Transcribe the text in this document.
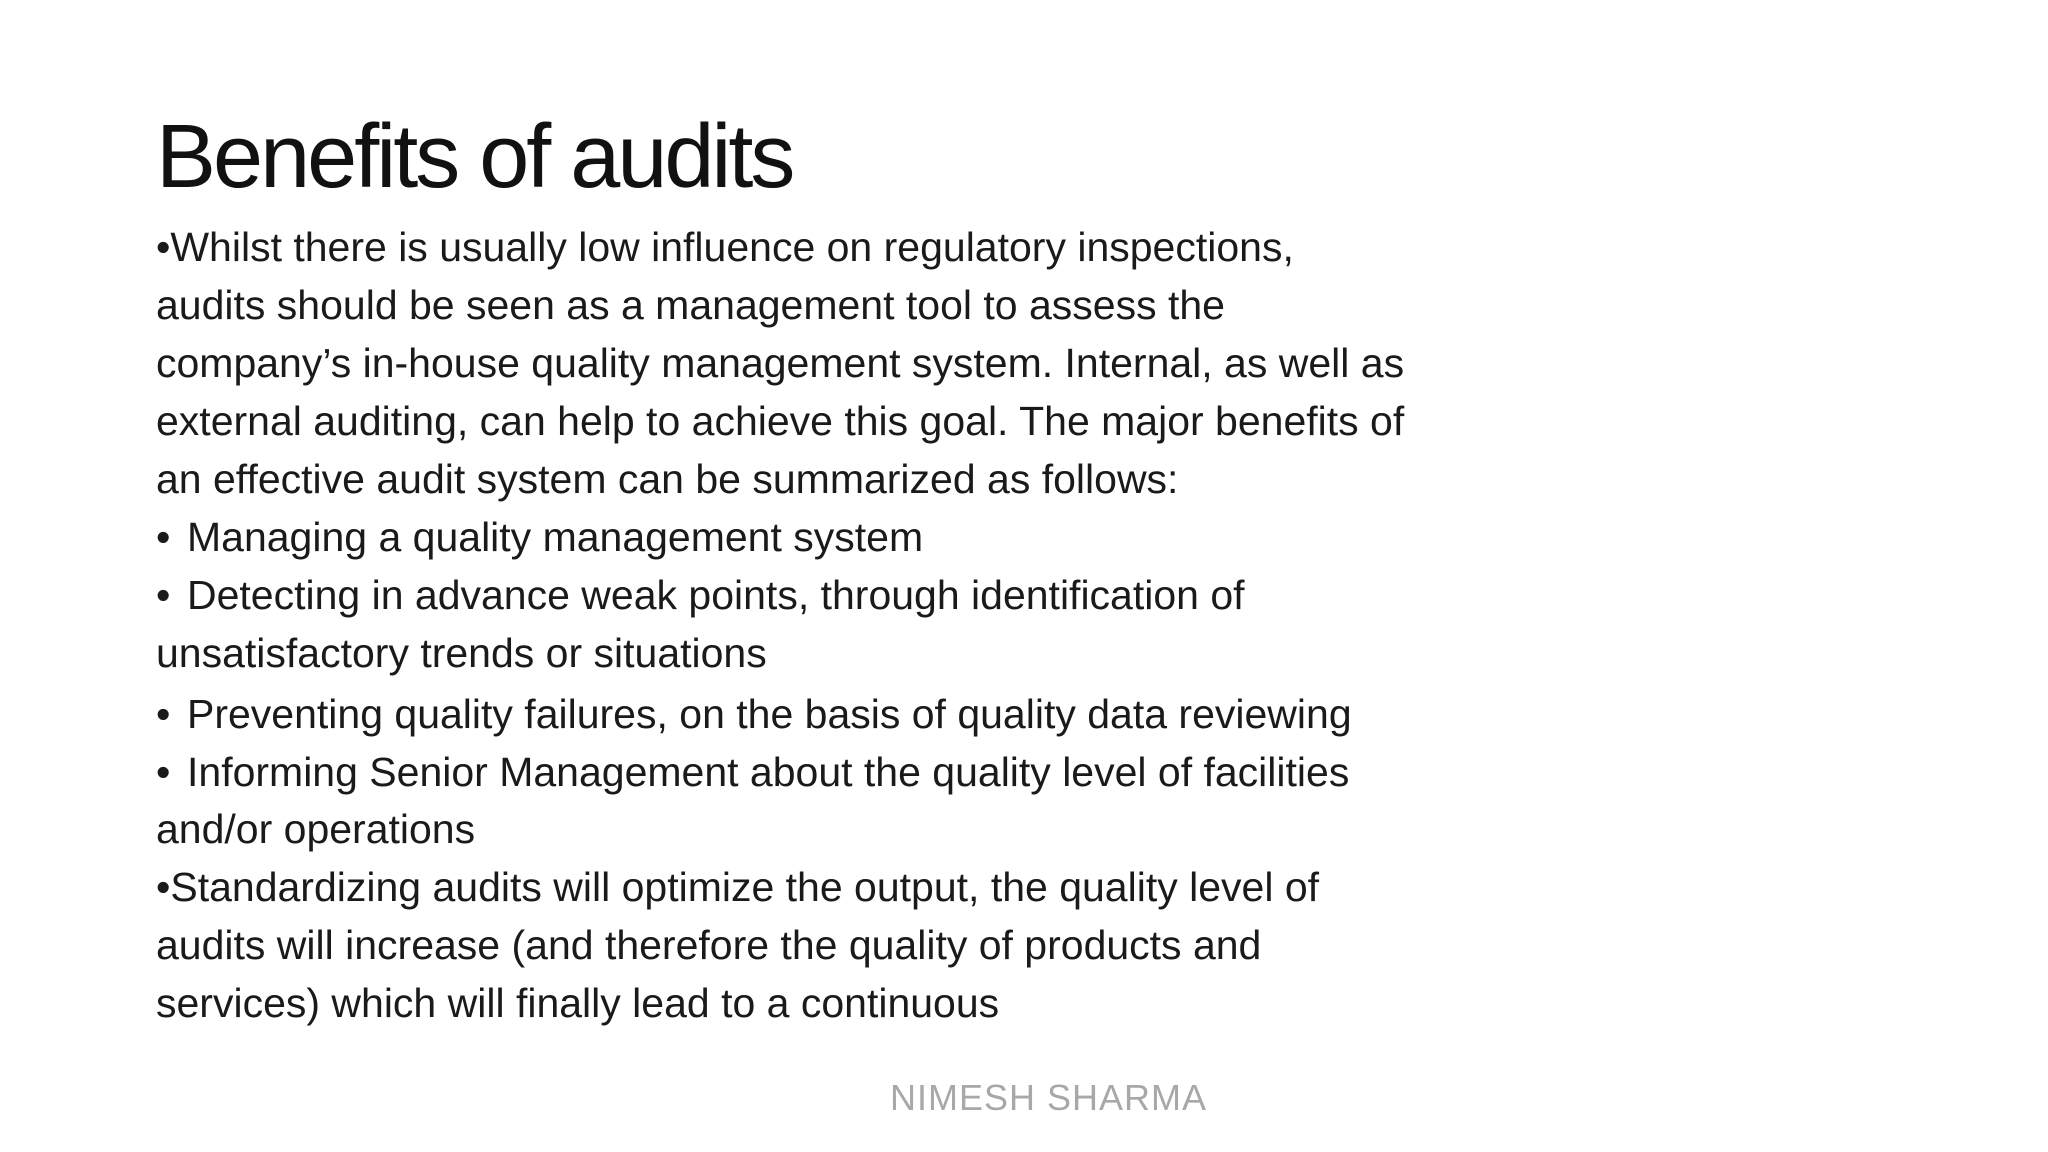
Benefits of audits

•Whilst there is usually low influence on regulatory inspections, audits should be seen as a management tool to assess the company’s in-house quality management system. Internal, as well as external auditing, can help to achieve this goal. The major benefits of an effective audit system can be summarized as follows:

• Managing a quality management system
• Detecting in advance weak points, through identification of

unsatisfactory trends or situations

• Preventing quality failures, on the basis of quality data reviewing
• Informing Senior Management about the quality level of facilities

and/or operations

•Standardizing audits will optimize the output, the quality level of audits will increase (and therefore the quality of products and services) which will finally lead to a continuous

NIMESH SHARMA
